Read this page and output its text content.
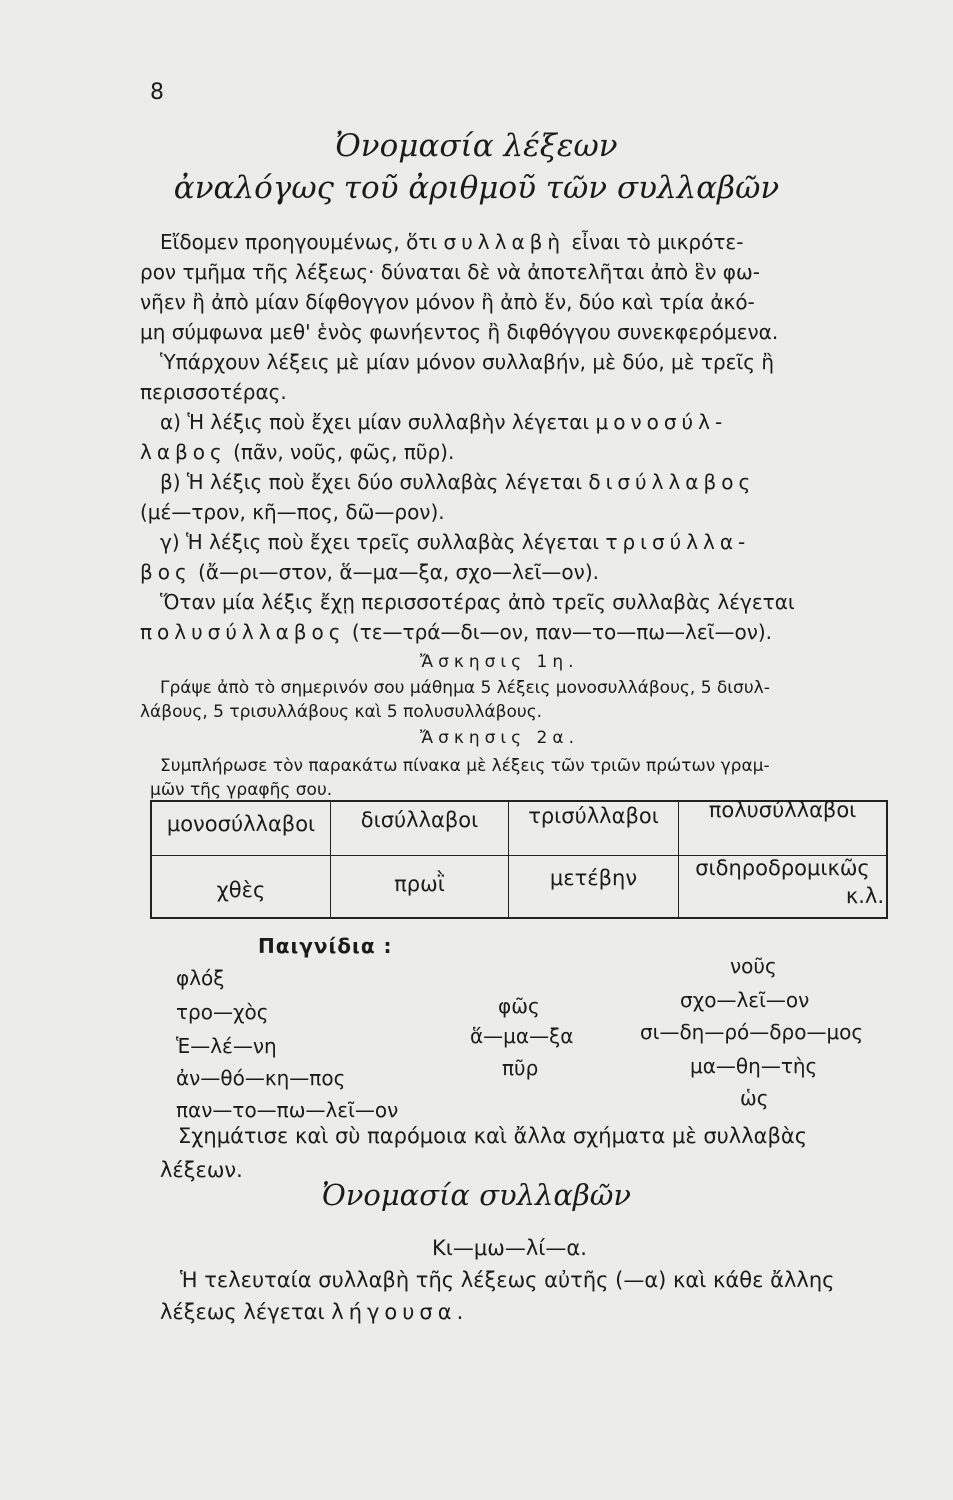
8
Ὀνομασία λέξεων
ἀναλόγως τοῦ ἀριθμοῦ τῶν συλλαβῶν
Εἴδομεν προηγουμένως, ὅτι συλλαβὴ εἶναι τὸ μικρότε-
ρον τμῆμα τῆς λέξεως· δύναται δὲ νὰ ἀποτελῆται ἀπὸ ἓν φω-
νῆεν ἢ ἀπὸ μίαν δίφθογγον μόνον ἢ ἀπὸ ἕν, δύο καὶ τρία ἀκό-
μη σύμφωνα μεθ' ἑνὸς φωνήεντος ἢ διφθόγγου συνεκφερόμενα.
Ὑπάρχουν λέξεις μὲ μίαν μόνον συλλαβήν, μὲ δύο, μὲ τρεῖς ἢ
περισσοτέρας.
α) Ἡ λέξις ποὺ ἔχει μίαν συλλαβὴν λέγεται μονοσύλ-
λαβος (πᾶν, νοῦς, φῶς, πῦρ).
β) Ἡ λέξις ποὺ ἔχει δύο συλλαβὰς λέγεται δισύλλαβος
(μέ—τρον, κῆ—πος, δῶ—ρον).
γ) Ἡ λέξις ποὺ ἔχει τρεῖς συλλαβὰς λέγεται τρισύλλα-
βος (ἄ—ρι—στον, ἅ—μα—ξα, σχο—λεῖ—ον).
Ὅταν μία λέξις ἔχῃ περισσοτέρας ἀπὸ τρεῖς συλλαβὰς λέγεται
πολυσύλλαβος (τε—τρά—δι—ον, παν—το—πω—λεῖ—ον).
Ἄσκησις 1η.
Γράψε ἀπὸ τὸ σημερινόν σου μάθημα 5 λέξεις μονοσυλλάβους, 5 δισυλ-
λάβους, 5 τρισυλλάβους καὶ 5 πολυσυλλάβους.
Ἄσκησις 2α.
Συμπλήρωσε τὸν παρακάτω πίνακα μὲ λέξεις τῶν τριῶν πρώτων γραμ-
μῶν τῆς γραφῆς σου.
μονοσύλλαβοι	δισύλλαβοι	τρισύλλαβοι	πολυσύλλαβοι
χθὲς	πρωῒ	μετέβην	σιδηροδρομικῶς
κ.λ.
Παιγνίδια :
φλόξ
τρο—χὸς
Ἑ—λέ—νη
ἀν—θό—κη—πος
παν—το—πω—λεῖ—ον
φῶς
ἅ—μα—ξα
πῦρ
νοῦς
σχο—λεῖ—ον
σι—δη—ρό—δρο—μος
μα—θη—τὴς
ὡς
Σχημάτισε καὶ σὺ παρόμοια καὶ ἄλλα σχήματα μὲ συλλαβὰς
λέξεων.
Ὀνομασία συλλαβῶν
Κι—μω—λί—α.
Ἡ τελευταία συλλαβὴ τῆς λέξεως αὐτῆς (—α) καὶ κάθε ἄλλης
λέξεως λέγεται λήγουσα.
